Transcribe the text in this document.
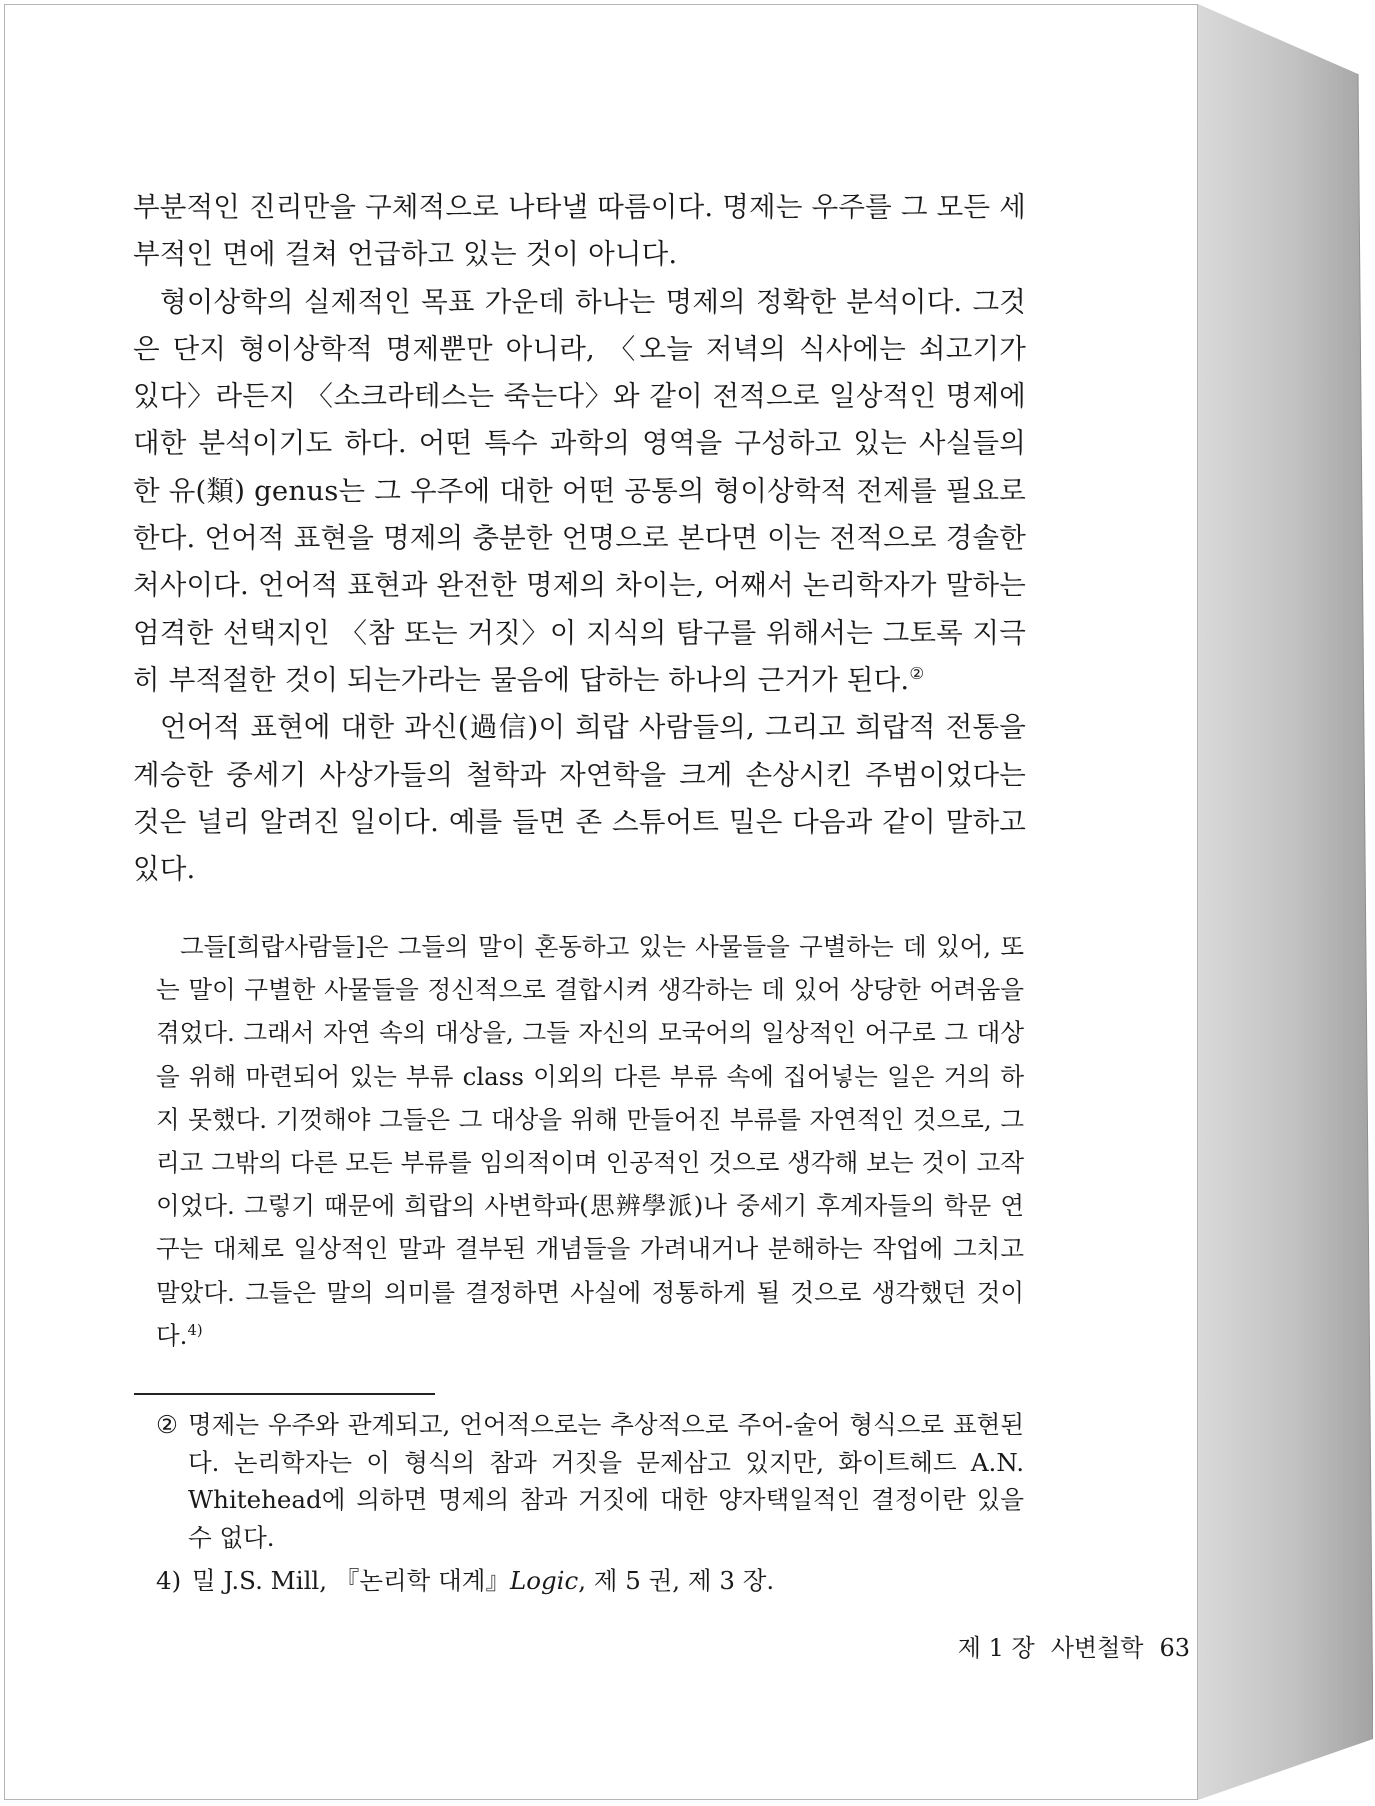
부분적인 진리만을 구체적으로 나타낼 따름이다. 명제는 우주를 그 모든 세부적인 면에 걸쳐 언급하고 있는 것이 아니다.

형이상학의 실제적인 목표 가운데 하나는 명제의 정확한 분석이다. 그것은 단지 형이상학적 명제뿐만 아니라, 〈오늘 저녁의 식사에는 쇠고기가 있다〉라든지 〈소크라테스는 죽는다〉와 같이 전적으로 일상적인 명제에 대한 분석이기도 하다. 어떤 특수 과학의 영역을 구성하고 있는 사실들의 한 유(類) genus는 그 우주에 대한 어떤 공통의 형이상학적 전제를 필요로 한다. 언어적 표현을 명제의 충분한 언명으로 본다면 이는 전적으로 경솔한 처사이다. 언어적 표현과 완전한 명제의 차이는, 어째서 논리학자가 말하는 엄격한 선택지인 〈참 또는 거짓〉이 지식의 탐구를 위해서는 그토록 지극히 부적절한 것이 되는가라는 물음에 답하는 하나의 근거가 된다.②

언어적 표현에 대한 과신(過信)이 희랍 사람들의, 그리고 희랍적 전통을 계승한 중세기 사상가들의 철학과 자연학을 크게 손상시킨 주범이었다는 것은 널리 알려진 일이다. 예를 들면 존 스튜어트 밀은 다음과 같이 말하고 있다.

그들[희랍사람들]은 그들의 말이 혼동하고 있는 사물들을 구별하는 데 있어, 또는 말이 구별한 사물들을 정신적으로 결합시켜 생각하는 데 있어 상당한 어려움을 겪었다. 그래서 자연 속의 대상을, 그들 자신의 모국어의 일상적인 어구로 그 대상을 위해 마련되어 있는 부류 class 이외의 다른 부류 속에 집어넣는 일은 거의 하지 못했다. 기껏해야 그들은 그 대상을 위해 만들어진 부류를 자연적인 것으로, 그리고 그밖의 다른 모든 부류를 임의적이며 인공적인 것으로 생각해 보는 것이 고작이었다. 그렇기 때문에 희랍의 사변학파(思辨學派)나 중세기 후계자들의 학문 연구는 대체로 일상적인 말과 결부된 개념들을 가려내거나 분해하는 작업에 그치고 말았다. 그들은 말의 의미를 결정하면 사실에 정통하게 될 것으로 생각했던 것이다.$^{4)}$

② 명제는 우주와 관계되고, 언어적으로는 추상적으로 주어-술어 형식으로 표현된다. 논리학자는 이 형식의 참과 거짓을 문제삼고 있지만, 화이트헤드 A.N. Whitehead에 의하면 명제의 참과 거짓에 대한 양자택일적인 결정이란 있을 수 없다.
4) 밀 J.S. Mill, 『논리학 대계』Logic, 제 5 권, 제 3 장.
제 1 장 사변철학 63
